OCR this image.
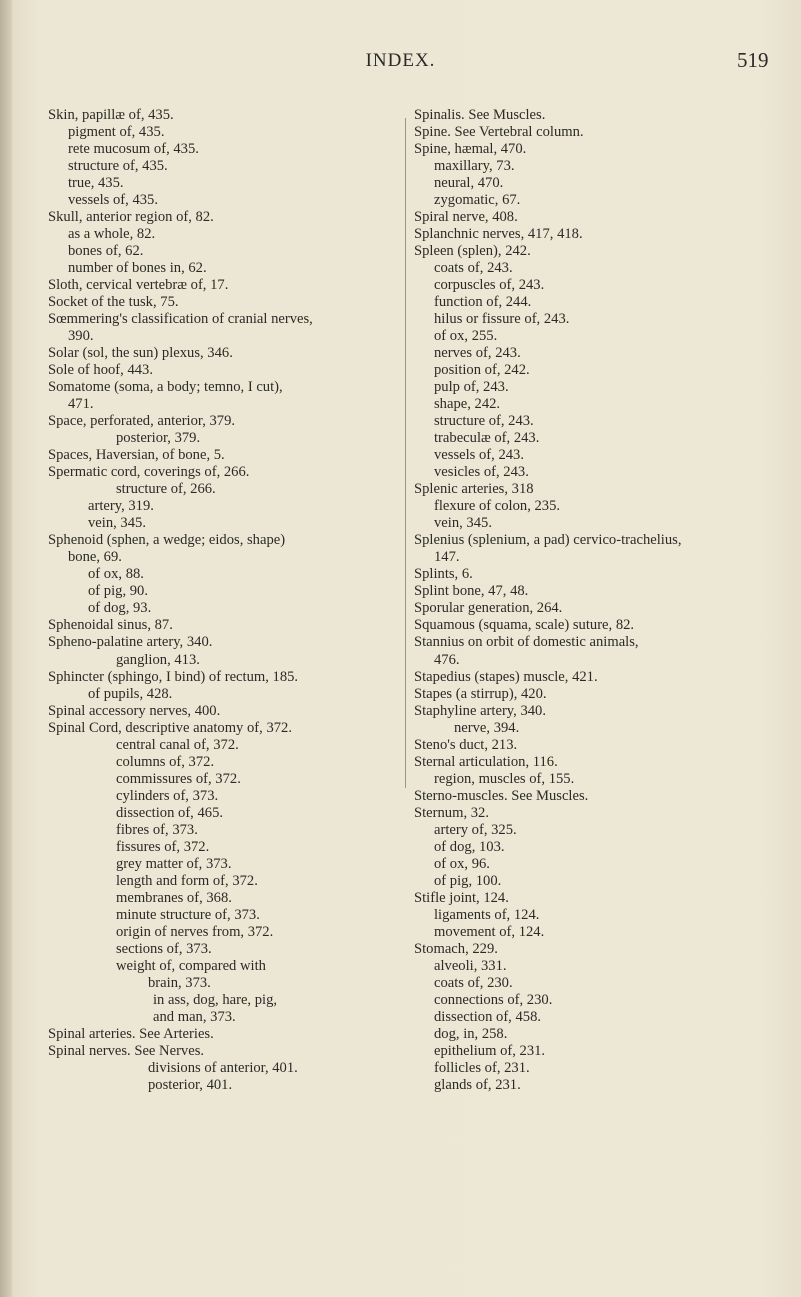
INDEX.	519
Skin, papillæ of, 435.
pigment of, 435.
rete mucosum of, 435.
structure of, 435.
true, 435.
vessels of, 435.
Skull, anterior region of, 82.
as a whole, 82.
bones of, 62.
number of bones in, 62.
Sloth, cervical vertebræ of, 17.
Socket of the tusk, 75.
Sœmmering's classification of cranial nerves,
390.
Solar (sol, the sun) plexus, 346.
Sole of hoof, 443.
Somatome (soma, a body; temno, I cut),
471.
Space, perforated, anterior, 379.
posterior, 379.
Spaces, Haversian, of bone, 5.
Spermatic cord, coverings of, 266.
structure of, 266.
artery, 319.
vein, 345.
Sphenoid (sphen, a wedge; eidos, shape)
bone, 69.
of ox, 88.
of pig, 90.
of dog, 93.
Sphenoidal sinus, 87.
Spheno-palatine artery, 340.
ganglion, 413.
Sphincter (sphingo, I bind) of rectum, 185.
of pupils, 428.
Spinal accessory nerves, 400.
Spinal Cord, descriptive anatomy of, 372.
central canal of, 372.
columns of, 372.
commissures of, 372.
cylinders of, 373.
dissection of, 465.
fibres of, 373.
fissures of, 372.
grey matter of, 373.
length and form of, 372.
membranes of, 368.
minute structure of, 373.
origin of nerves from, 372.
sections of, 373.
weight of, compared with
brain, 373.
in ass, dog, hare, pig,
and man, 373.
Spinal arteries. See Arteries.
Spinal nerves. See Nerves.
divisions of anterior, 401.
posterior, 401.
Spinalis. See Muscles.
Spine. See Vertebral column.
Spine, hæmal, 470.
maxillary, 73.
neural, 470.
zygomatic, 67.
Spiral nerve, 408.
Splanchnic nerves, 417, 418.
Spleen (splen), 242.
coats of, 243.
corpuscles of, 243.
function of, 244.
hilus or fissure of, 243.
of ox, 255.
nerves of, 243.
position of, 242.
pulp of, 243.
shape, 242.
structure of, 243.
trabeculæ of, 243.
vessels of, 243.
vesicles of, 243.
Splenic arteries, 318
flexure of colon, 235.
vein, 345.
Splenius (splenium, a pad) cervico-trachelius,
147.
Splints, 6.
Splint bone, 47, 48.
Sporular generation, 264.
Squamous (squama, scale) suture, 82.
Stannius on orbit of domestic animals,
476.
Stapedius (stapes) muscle, 421.
Stapes (a stirrup), 420.
Staphyline artery, 340.
nerve, 394.
Steno's duct, 213.
Sternal articulation, 116.
region, muscles of, 155.
Sterno-muscles. See Muscles.
Sternum, 32.
artery of, 325.
of dog, 103.
of ox, 96.
of pig, 100.
Stifle joint, 124.
ligaments of, 124.
movement of, 124.
Stomach, 229.
alveoli, 331.
coats of, 230.
connections of, 230.
dissection of, 458.
dog, in, 258.
epithelium of, 231.
follicles of, 231.
glands of, 231.
